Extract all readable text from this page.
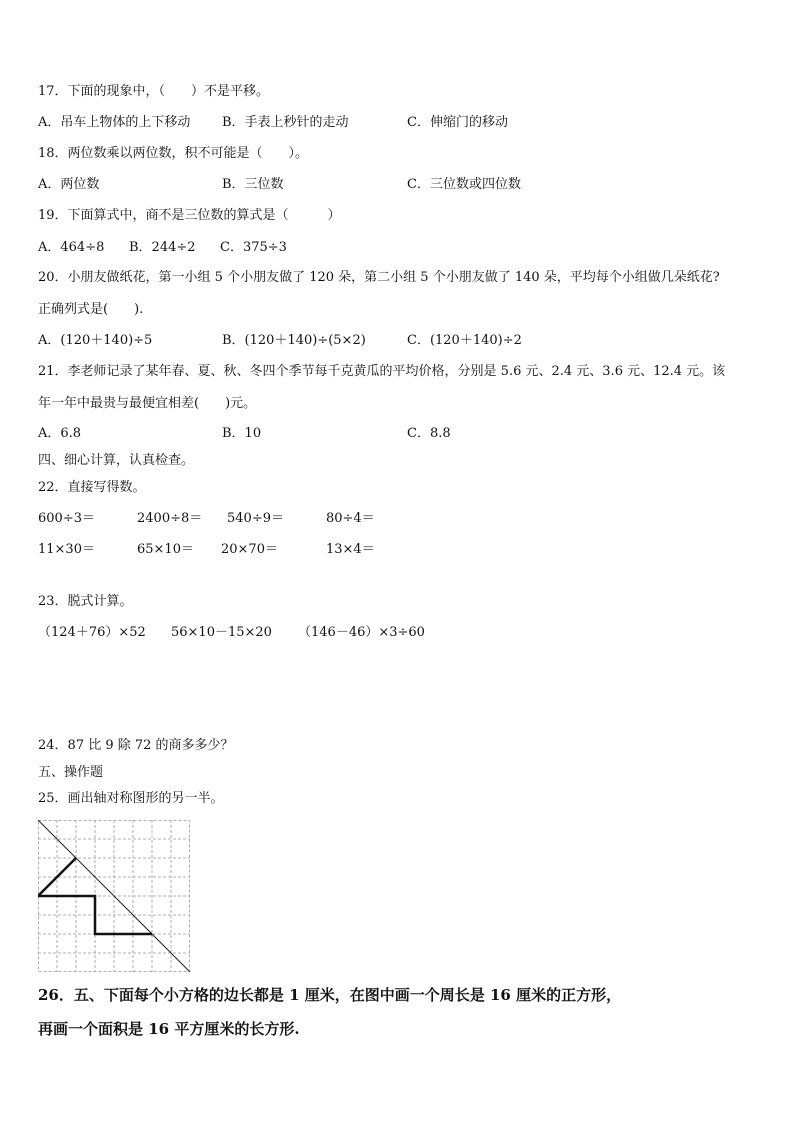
17．下面的现象中，（　　）不是平移。
A．吊车上物体的上下移动 B．手表上秒针的走动	C．伸缩门的移动
18．两位数乘以两位数，积不可能是（　　）。
A．两位数	B．三位数	C．三位数或四位数
19．下面算式中，商不是三位数的算式是（　　　）
A．464÷8 B．244÷2 C．375÷3
20．小朋友做纸花，第一小组 5 个小朋友做了 120 朵，第二小组 5 个小朋友做了 140 朵，平均每个小组做几朵纸花?
正确列式是(　　).
A．(120＋140)÷5	B．(120＋140)÷(5×2)	C．(120＋140)÷2
21．李老师记录了某年春、夏、秋、冬四个季节每千克黄瓜的平均价格，分别是 5.6 元、2.4 元、3.6 元、12.4 元。该
年一年中最贵与最便宜相差(　　)元。
A．6.8	B．10	C．8.8
四、细心计算，认真检查。
22．直接写得数。
600÷3＝	2400÷8＝ 540÷9＝	80÷4＝
11×30＝	65×10＝ 20×70＝	13×4＝
23．脱式计算。
（124＋76）×52 56×10－15×20 （146－46）×3÷60
24．87 比 9 除 72 的商多多少？
五、操作题
25．画出轴对称图形的另一半。
26．五、下面每个小方格的边长都是 1 厘米，在图中画一个周长是 16 厘米的正方形，
再画一个面积是 16 平方厘米的长方形.
